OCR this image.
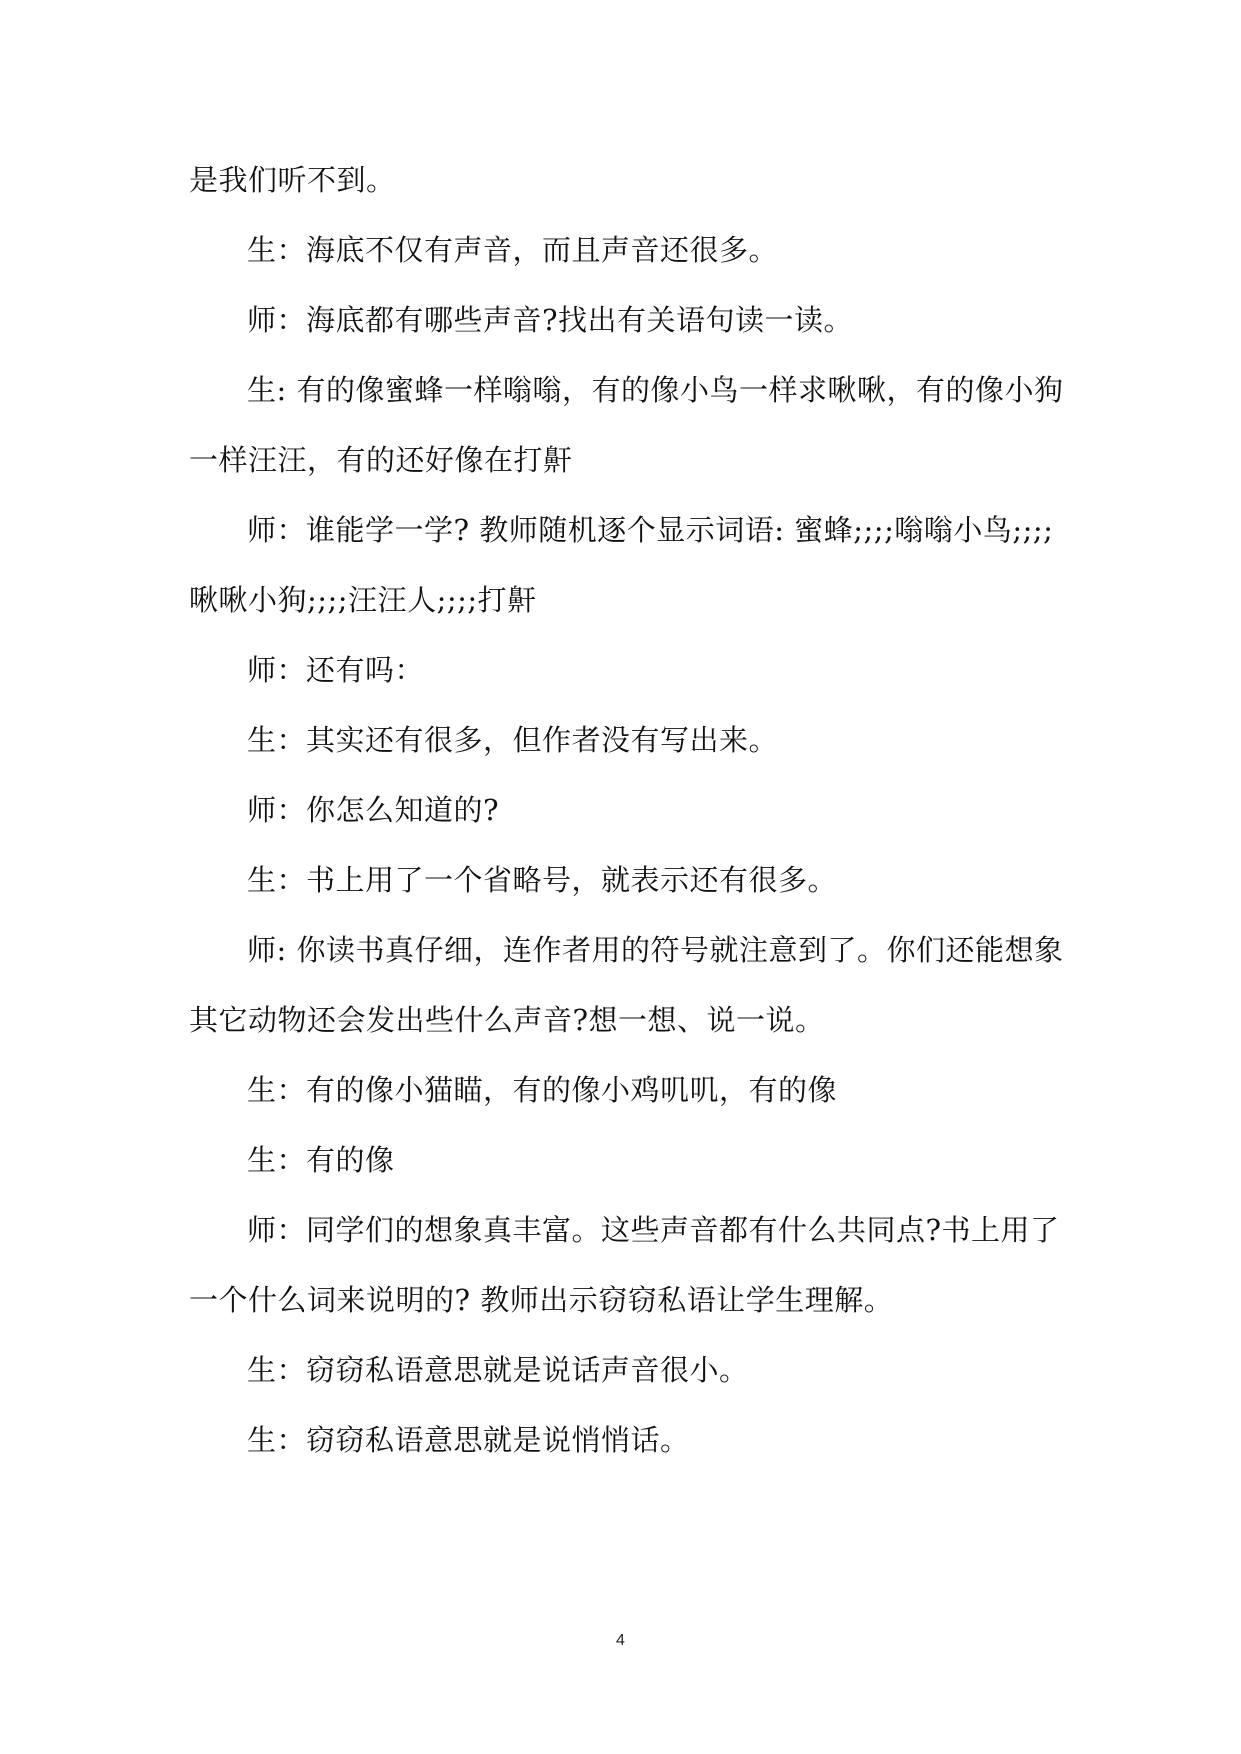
是我们听不到。

生：海底不仅有声音，而且声音还很多。

师：海底都有哪些声音?找出有关语句读一读。

生: 有的像蜜蜂一样嗡嗡，有的像小鸟一样求啾啾，有的像小狗一样汪汪，有的还好像在打鼾

师：谁能学一学? 教师随机逐个显示词语: 蜜蜂;;;;嗡嗡小鸟;;;;啾啾小狗;;;;汪汪人;;;;打鼾

师：还有吗：

生：其实还有很多，但作者没有写出来。

师：你怎么知道的?

生：书上用了一个省略号，就表示还有很多。

师: 你读书真仔细，连作者用的符号就注意到了。你们还能想象其它动物还会发出些什么声音?想一想、说一说。

生：有的像小猫瞄，有的像小鸡叽叽，有的像

生：有的像

师：同学们的想象真丰富。这些声音都有什么共同点?书上用了一个什么词来说明的? 教师出示窃窃私语让学生理解。

生：窃窃私语意思就是说话声音很小。

生：窃窃私语意思就是说悄悄话。

4
